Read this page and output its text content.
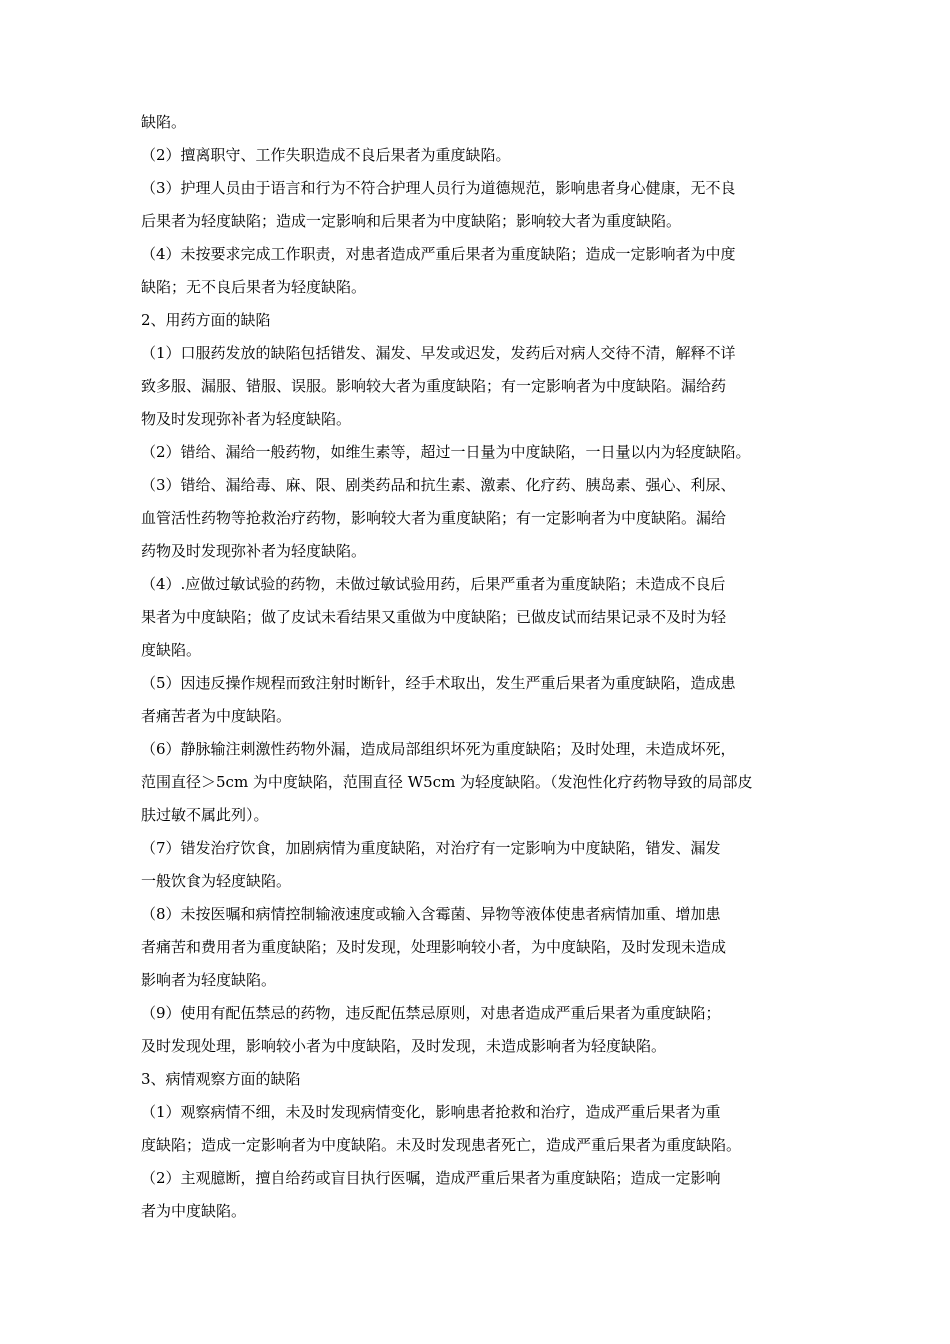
缺陷。
（2）擅离职守、工作失职造成不良后果者为重度缺陷。
（3）护理人员由于语言和行为不符合护理人员行为道德规范，影响患者身心健康，无不良
后果者为轻度缺陷；造成一定影响和后果者为中度缺陷；影响较大者为重度缺陷。
（4）未按要求完成工作职责，对患者造成严重后果者为重度缺陷；造成一定影响者为中度
缺陷；无不良后果者为轻度缺陷。
2、用药方面的缺陷
（1）口服药发放的缺陷包括错发、漏发、早发或迟发，发药后对病人交待不清，解释不详
致多服、漏服、错服、误服。影响较大者为重度缺陷；有一定影响者为中度缺陷。漏给药
物及时发现弥补者为轻度缺陷。
（2）错给、漏给一般药物，如维生素等，超过一日量为中度缺陷，一日量以内为轻度缺陷。
（3）错给、漏给毒、麻、限、剧类药品和抗生素、激素、化疗药、胰岛素、强心、利尿、
血管活性药物等抢救治疗药物，影响较大者为重度缺陷；有一定影响者为中度缺陷。漏给
药物及时发现弥补者为轻度缺陷。
（4）.应做过敏试验的药物，未做过敏试验用药，后果严重者为重度缺陷；未造成不良后
果者为中度缺陷；做了皮试未看结果又重做为中度缺陷；已做皮试而结果记录不及时为轻
度缺陷。
（5）因违反操作规程而致注射时断针，经手术取出，发生严重后果者为重度缺陷，造成患
者痛苦者为中度缺陷。
（6）静脉输注刺激性药物外漏，造成局部组织坏死为重度缺陷；及时处理，未造成坏死，
范围直径＞5cm 为中度缺陷，范围直径 W5cm 为轻度缺陷。（发泡性化疗药物导致的局部皮
肤过敏不属此列）。
（7）错发治疗饮食，加剧病情为重度缺陷，对治疗有一定影响为中度缺陷，错发、漏发
一般饮食为轻度缺陷。
（8）未按医嘱和病情控制输液速度或输入含霉菌、异物等液体使患者病情加重、增加患
者痛苦和费用者为重度缺陷；及时发现，处理影响较小者，为中度缺陷，及时发现未造成
影响者为轻度缺陷。
（9）使用有配伍禁忌的药物，违反配伍禁忌原则，对患者造成严重后果者为重度缺陷；
及时发现处理，影响较小者为中度缺陷，及时发现，未造成影响者为轻度缺陷。
3、病情观察方面的缺陷
（1）观察病情不细，未及时发现病情变化，影响患者抢救和治疗，造成严重后果者为重
度缺陷；造成一定影响者为中度缺陷。未及时发现患者死亡，造成严重后果者为重度缺陷。
（2）主观臆断，擅自给药或盲目执行医嘱，造成严重后果者为重度缺陷；造成一定影响
者为中度缺陷。
